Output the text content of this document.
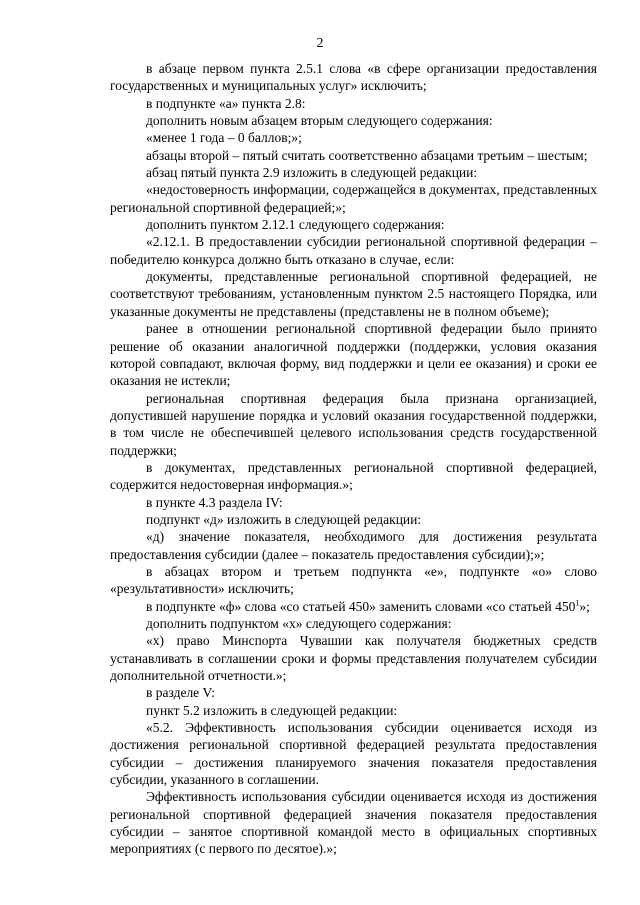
2

в абзаце первом пункта 2.5.1 слова «в сфере организации предоставления государственных и муниципальных услуг» исключить;

в подпункте «а» пункта 2.8:

дополнить новым абзацем вторым следующего содержания:

«менее 1 года – 0 баллов;»;

абзацы второй – пятый считать соответственно абзацами третьим – шестым;

абзац пятый пункта 2.9 изложить в следующей редакции:

«недостоверность информации, содержащейся в документах, представленных региональной спортивной федерацией;»;

дополнить пунктом 2.12.1 следующего содержания:

«2.12.1. В предоставлении субсидии региональной спортивной федерации – победителю конкурса должно быть отказано в случае, если:

документы, представленные региональной спортивной федерацией, не соответствуют требованиям, установленным пунктом 2.5 настоящего Порядка, или указанные документы не представлены (представлены не в полном объеме);

ранее в отношении региональной спортивной федерации было принято решение об оказании аналогичной поддержки (поддержки, условия оказания которой совпадают, включая форму, вид поддержки и цели ее оказания) и сроки ее оказания не истекли;

региональная спортивная федерация была признана организацией, допустившей нарушение порядка и условий оказания государственной поддержки, в том числе не обеспечившей целевого использования средств государственной поддержки;

в документах, представленных региональной спортивной федерацией, содержится недостоверная информация.»;

в пункте 4.3 раздела IV:

подпункт «д» изложить в следующей редакции:

«д) значение показателя, необходимого для достижения результата предоставления субсидии (далее – показатель предоставления субсидии);»;

в абзацах втором и третьем подпункта «е», подпункте «о» слово «результативности» исключить;

в подпункте «ф» слова «со статьей 450» заменить словами «со статьей $450^1$»;

дополнить подпунктом «х» следующего содержания:

«х) право Минспорта Чувашии как получателя бюджетных средств устанавливать в соглашении сроки и формы представления получателем субсидии дополнительной отчетности.»;

в разделе V:

пункт 5.2 изложить в следующей редакции:

«5.2. Эффективность использования субсидии оценивается исходя из достижения региональной спортивной федерацией результата предоставления субсидии – достижения планируемого значения показателя предоставления субсидии, указанного в соглашении.

Эффективность использования субсидии оценивается исходя из достижения региональной спортивной федерацией значения показателя предоставления субсидии – занятое спортивной командой место в официальных спортивных мероприятиях (с первого по десятое).»;
